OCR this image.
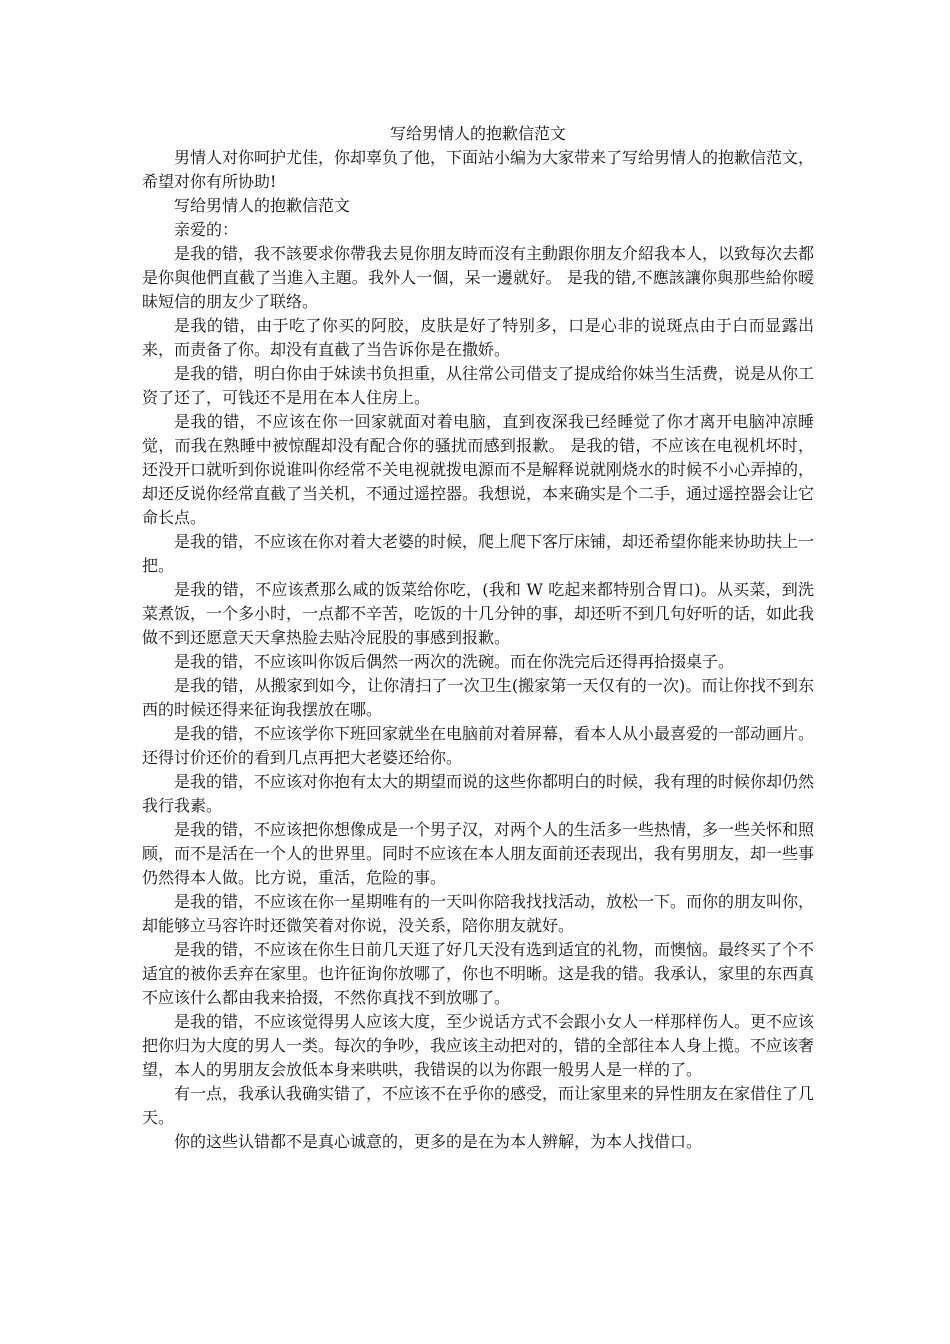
写给男情人的抱歉信范文

男情人对你呵护尤佳，你却辜负了他，下面站小编为大家带来了写给男情人的抱歉信范文，希望对你有所协助!

写给男情人的抱歉信范文

亲爱的：

是我的错，我不該要求你帶我去見你朋友時而沒有主動跟你朋友介紹我本人，以致每次去都是你與他們直截了当進入主題。我外人一個，呆一邊就好。 是我的错,不應該讓你與那些給你暧昧短信的朋友少了联络。

是我的错，由于吃了你买的阿胶，皮肤是好了特别多，口是心非的说斑点由于白而显露出来，而责备了你。却没有直截了当告诉你是在撒娇。

是我的错，明白你由于妹读书负担重，从往常公司借支了提成给你妹当生活费，说是从你工资了还了，可钱还不是用在本人住房上。

是我的错，不应该在你一回家就面对着电脑，直到夜深我已经睡觉了你才离开电脑冲凉睡觉，而我在熟睡中被惊醒却没有配合你的骚扰而感到报歉。 是我的错，不应该在电视机坏时，还没开口就听到你说谁叫你经常不关电视就拨电源而不是解释说就刚烧水的时候不小心弄掉的，却还反说你经常直截了当关机，不通过遥控器。我想说，本来确实是个二手，通过遥控器会让它命长点。

是我的错，不应该在你对着大老婆的时候，爬上爬下客厅床铺，却还希望你能来协助扶上一把。

是我的错，不应该煮那么咸的饭菜给你吃，(我和 W 吃起来都特别合胃口)。从买菜，到洗菜煮饭，一个多小时，一点都不辛苦，吃饭的十几分钟的事，却还听不到几句好听的话，如此我做不到还愿意天天拿热脸去贴冷屁股的事感到报歉。

是我的错，不应该叫你饭后偶然一两次的洗碗。而在你洗完后还得再拾掇桌子。

是我的错，从搬家到如今，让你清扫了一次卫生(搬家第一天仅有的一次)。而让你找不到东西的时候还得来征询我摆放在哪。

是我的错，不应该学你下班回家就坐在电脑前对着屏幕，看本人从小最喜爱的一部动画片。还得讨价还价的看到几点再把大老婆还给你。

是我的错，不应该对你抱有太大的期望而说的这些你都明白的时候，我有理的时候你却仍然我行我素。

是我的错，不应该把你想像成是一个男子汉，对两个人的生活多一些热情，多一些关怀和照顾，而不是活在一个人的世界里。同时不应该在本人朋友面前还表现出，我有男朋友，却一些事仍然得本人做。比方说，重活，危险的事。

是我的错，不应该在你一星期唯有的一天叫你陪我找找活动，放松一下。而你的朋友叫你，却能够立马容许时还微笑着对你说，没关系，陪你朋友就好。

是我的错，不应该在你生日前几天逛了好几天没有选到适宜的礼物，而懊恼。最终买了个不适宜的被你丢弃在家里。也许征询你放哪了，你也不明晰。这是我的错。我承认，家里的东西真不应该什么都由我来拾掇，不然你真找不到放哪了。

是我的错，不应该觉得男人应该大度，至少说话方式不会跟小女人一样那样伤人。更不应该把你归为大度的男人一类。每次的争吵，我应该主动把对的，错的全部往本人身上揽。不应该奢望，本人的男朋友会放低本身来哄哄，我错误的以为你跟一般男人是一样的了。

有一点，我承认我确实错了，不应该不在乎你的感受，而让家里来的异性朋友在家借住了几天。

你的这些认错都不是真心诚意的，更多的是在为本人辨解，为本人找借口。
